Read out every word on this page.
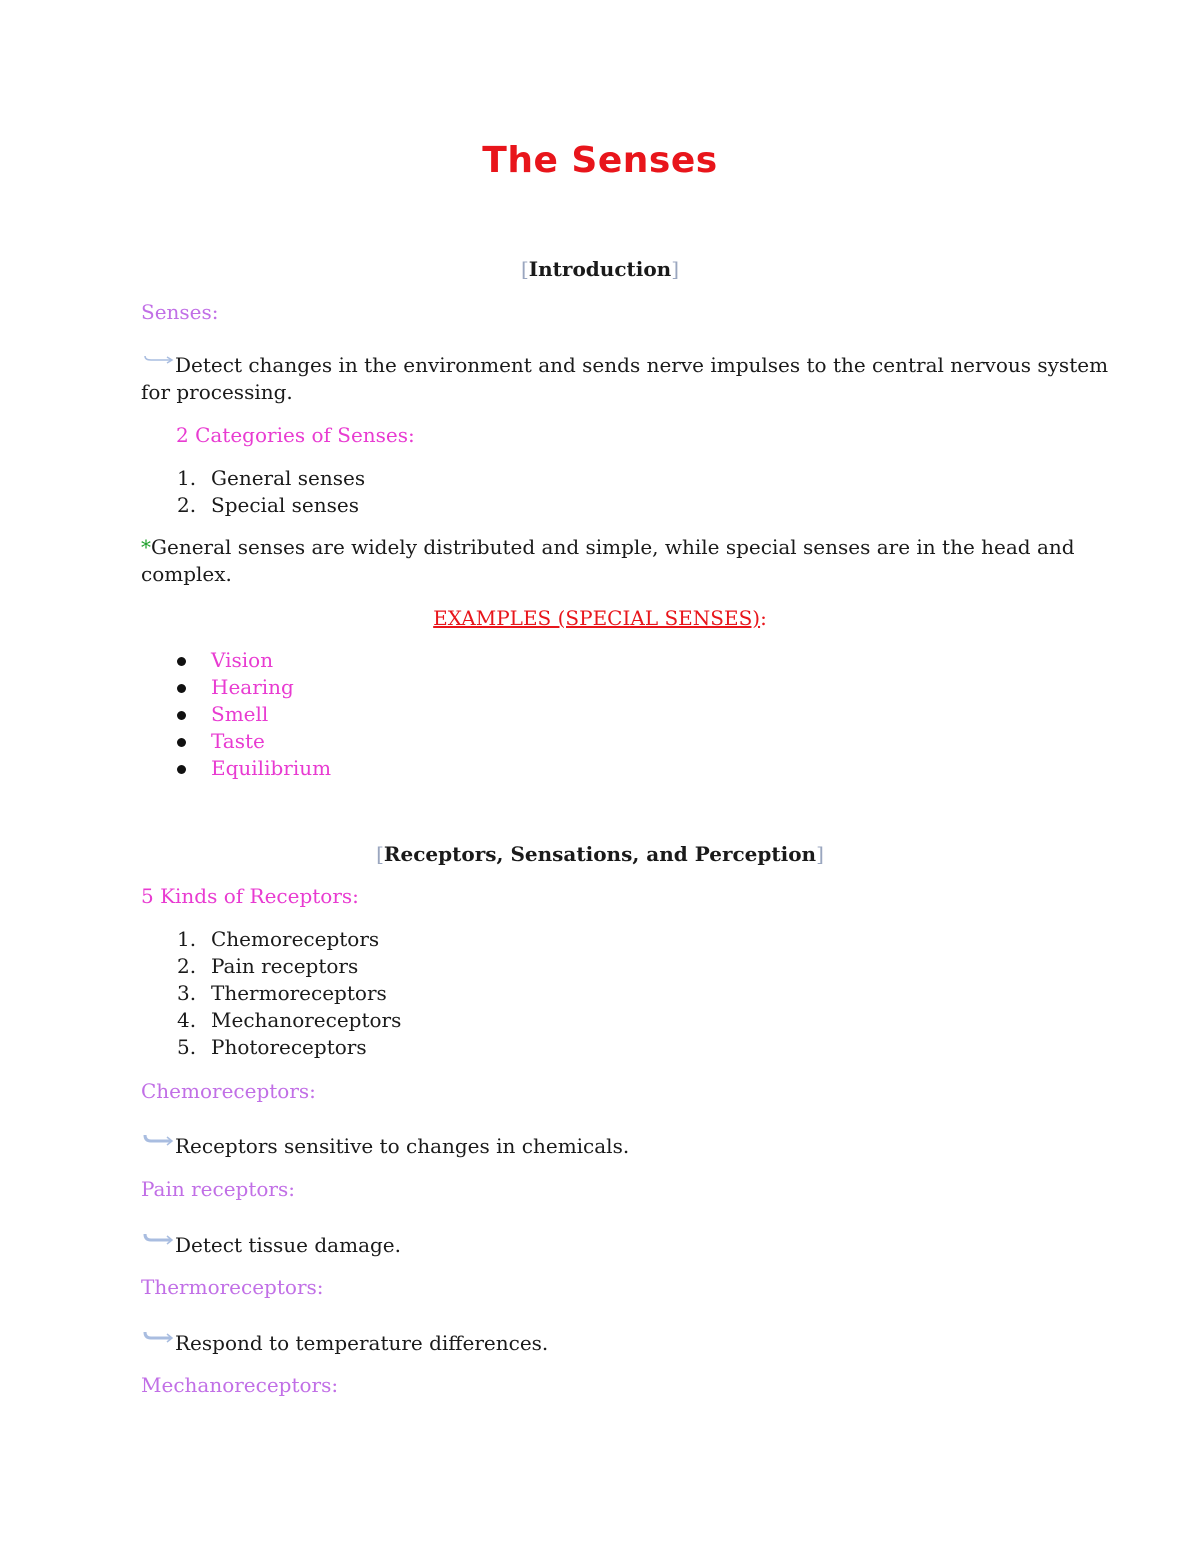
The Senses
[Introduction]
Senses:
Detect changes in the environment and sends nerve impulses to the central nervous system
for processing.
2 Categories of Senses:
1. General senses
2. Special senses
*General senses are widely distributed and simple, while special senses are in the head and
complex.
EXAMPLES (SPECIAL SENSES):
Vision
Hearing
Smell
Taste
Equilibrium
[Receptors, Sensations, and Perception]
5 Kinds of Receptors:
1. Chemoreceptors
2. Pain receptors
3. Thermoreceptors
4. Mechanoreceptors
5. Photoreceptors
Chemoreceptors:
Receptors sensitive to changes in chemicals.
Pain receptors:
Detect tissue damage.
Thermoreceptors:
Respond to temperature differences.
Mechanoreceptors:
